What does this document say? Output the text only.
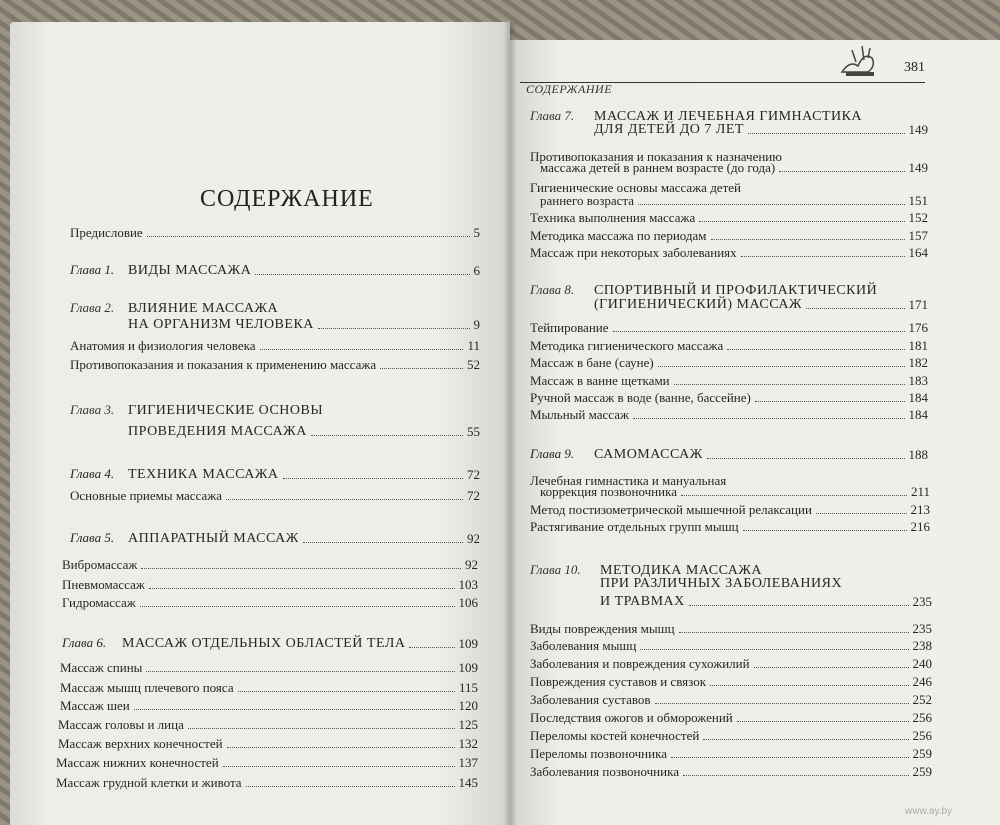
СОДЕРЖАНИЕ
Предисловие	5
Глава 1. ВИДЫ МАССАЖА	6
Глава 2. ВЛИЯНИЕ МАССАЖА
НА ОРГАНИЗМ ЧЕЛОВЕКА	9
Анатомия и физиология человека	11
Противопоказания и показания к применению массажа	52
Глава 3. ГИГИЕНИЧЕСКИЕ ОСНОВЫ
ПРОВЕДЕНИЯ МАССАЖА	55
Глава 4. ТЕХНИКА МАССАЖА	72
Основные приемы массажа	72
Глава 5. АППАРАТНЫЙ МАССАЖ	92
Вибромассаж	92
Пневмомассаж	103
Гидромассаж	106
Глава 6. МАССАЖ ОТДЕЛЬНЫХ ОБЛАСТЕЙ ТЕЛА	109
Массаж спины	109
Массаж мышц плечевого пояса	115
Массаж шеи	120
Массаж головы и лица	125
Массаж верхних конечностей	132
Массаж нижних конечностей	137
Массаж грудной клетки и живота	145
СОДЕРЖАНИЕ
381
Глава 7.	МАССАЖ И ЛЕЧЕБНАЯ ГИМНАСТИКА
ДЛЯ ДЕТЕЙ ДО 7 ЛЕТ	149
Противопоказания и показания к назначению
массажа детей в раннем возрасте (до года)	149
Гигиенические основы массажа детей
раннего возраста	151
Техника выполнения массажа	152
Методика массажа по периодам	157
Массаж при некоторых заболеваниях	164
Глава 8.	СПОРТИВНЫЙ И ПРОФИЛАКТИЧЕСКИЙ
(ГИГИЕНИЧЕСКИЙ) МАССАЖ	171
Тейпирование	176
Методика гигиенического массажа	181
Массаж в бане (сауне)	182
Массаж в ванне щетками	183
Ручной массаж в воде (ванне, бассейне)	184
Мыльный массаж	184
Глава 9. САМОМАССАЖ	188
Лечебная гимнастика и мануальная
коррекция позвоночника	211
Метод постизометрической мышечной релаксации	213
Растягивание отдельных групп мышц	216
Глава 10.	МЕТОДИКА МАССАЖА
ПРИ РАЗЛИЧНЫХ ЗАБОЛЕВАНИЯХ
И ТРАВМАХ	235
Виды повреждения мышц	235
Заболевания мышц	238
Заболевания и повреждения сухожилий	240
Повреждения суставов и связок	246
Заболевания суставов	252
Последствия ожогов и обморожений	256
Переломы костей конечностей	256
Переломы позвоночника	259
Заболевания позвоночника	259
www.ay.by
